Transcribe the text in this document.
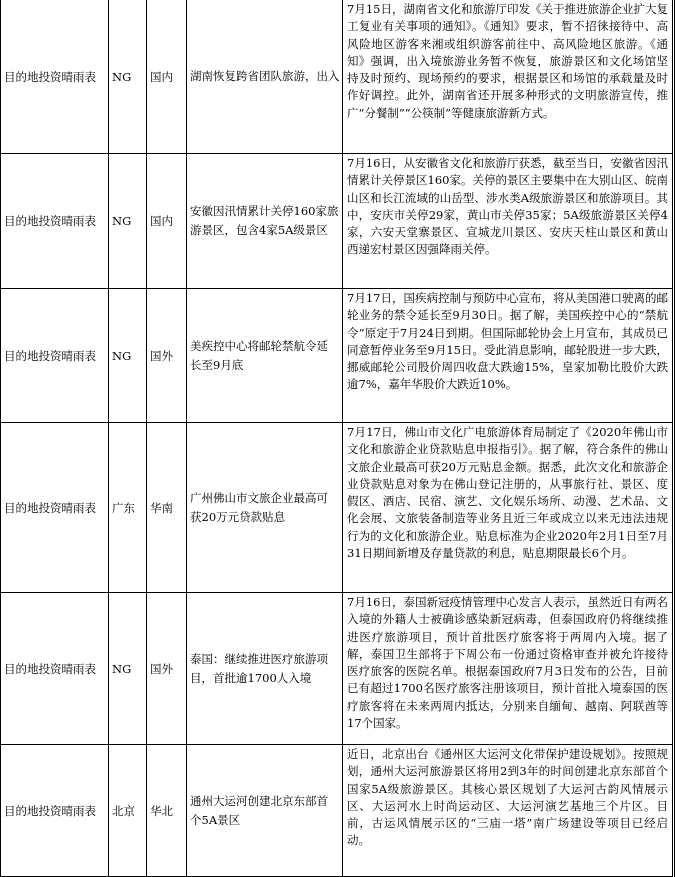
目的地投资晴雨表	NG	国内	湖南恢复跨省团队旅游，出入	7月15日，湖南省文化和旅游厅印发《关于推进旅游企业扩大复工复业有关事项的通知》。《通知》要求，暂不招徕接待中、高风险地区游客来湘或组织游客前往中、高风险地区旅游。《通知》强调，出入境旅游业务暂不恢复，旅游景区和文化场馆坚持及时预约、现场预约的要求，根据景区和场馆的承载量及时作好调控。此外，湖南省还开展多种形式的文明旅游宣传，推广“分餐制”“公筷制”等健康旅游新方式。
目的地投资晴雨表	NG	国内	安徽因汛情累计关停160家旅游景区，包含4家5A级景区	7月16日，从安徽省文化和旅游厅获悉，截至当日，安徽省因汛情累计关停景区160家。关停的景区主要集中在大别山区、皖南山区和长江流域的山岳型、涉水类A级旅游景区和旅游项目。其中，安庆市关停29家，黄山市关停35家；5A级旅游景区关停4家，六安天堂寨景区、宣城龙川景区、安庆天柱山景区和黄山西递宏村景区因强降雨关停。
目的地投资晴雨表	NG	国外	美疾控中心将邮轮禁航令延长至9月底	7月17日，国疾病控制与预防中心宣布，将从美国港口驶离的邮轮业务的禁令延长至9月30日。据了解，美国疾控中心的“禁航令”原定于7月24日到期。但国际邮轮协会上月宣布，其成员已同意暂停业务至9月15日。受此消息影响，邮轮股进一步大跌，挪威邮轮公司股价周四收盘大跌逾15%，皇家加勒比股价大跌逾7%，嘉年华股价大跌近10%。
目的地投资晴雨表	广东	华南	广州佛山市文旅企业最高可获20万元贷款贴息	7月17日，佛山市文化广电旅游体育局制定了《2020年佛山市文化和旅游企业贷款贴息申报指引》。据了解，符合条件的佛山文旅企业最高可获20万元贴息金额。据悉，此次文化和旅游企业贷款贴息对象为在佛山登记注册的，从事旅行社、景区、度假区、酒店、民宿、演艺、文化娱乐场所、动漫、艺术品、文化会展、文旅装备制造等业务且近三年或成立以来无违法违规行为的文化和旅游企业。贴息标准为企业2020年2月1日至7月31日期间新增及存量贷款的利息，贴息期限最长6个月。
目的地投资晴雨表	NG	国外	泰国：继续推进医疗旅游项目，首批逾1700人入境	7月16日，泰国新冠疫情管理中心发言人表示，虽然近日有两名入境的外籍人士被确诊感染新冠病毒，但泰国政府仍将继续推进医疗旅游项目，预计首批医疗旅客将于两周内入境。据了解，泰国卫生部将于下周公布一份通过资格审查并被允许接待医疗旅客的医院名单。根据泰国政府7月3日发布的公告，目前已有超过1700名医疗旅客注册该项目，预计首批入境泰国的医疗旅客将在未来两周内抵达，分别来自缅甸、越南、阿联酋等17个国家。
目的地投资晴雨表	北京	华北	通州大运河创建北京东部首个5A景区	近日，北京出台《通州区大运河文化带保护建设规划》。按照规划，通州大运河旅游景区将用2到3年的时间创建北京东部首个国家5A级旅游景区。其核心景区规划了大运河古韵风情展示区、大运河水上时尚运动区、大运河演艺基地三个片区。目前，古运风情展示区的“三庙一塔”南广场建设等项目已经启动。
